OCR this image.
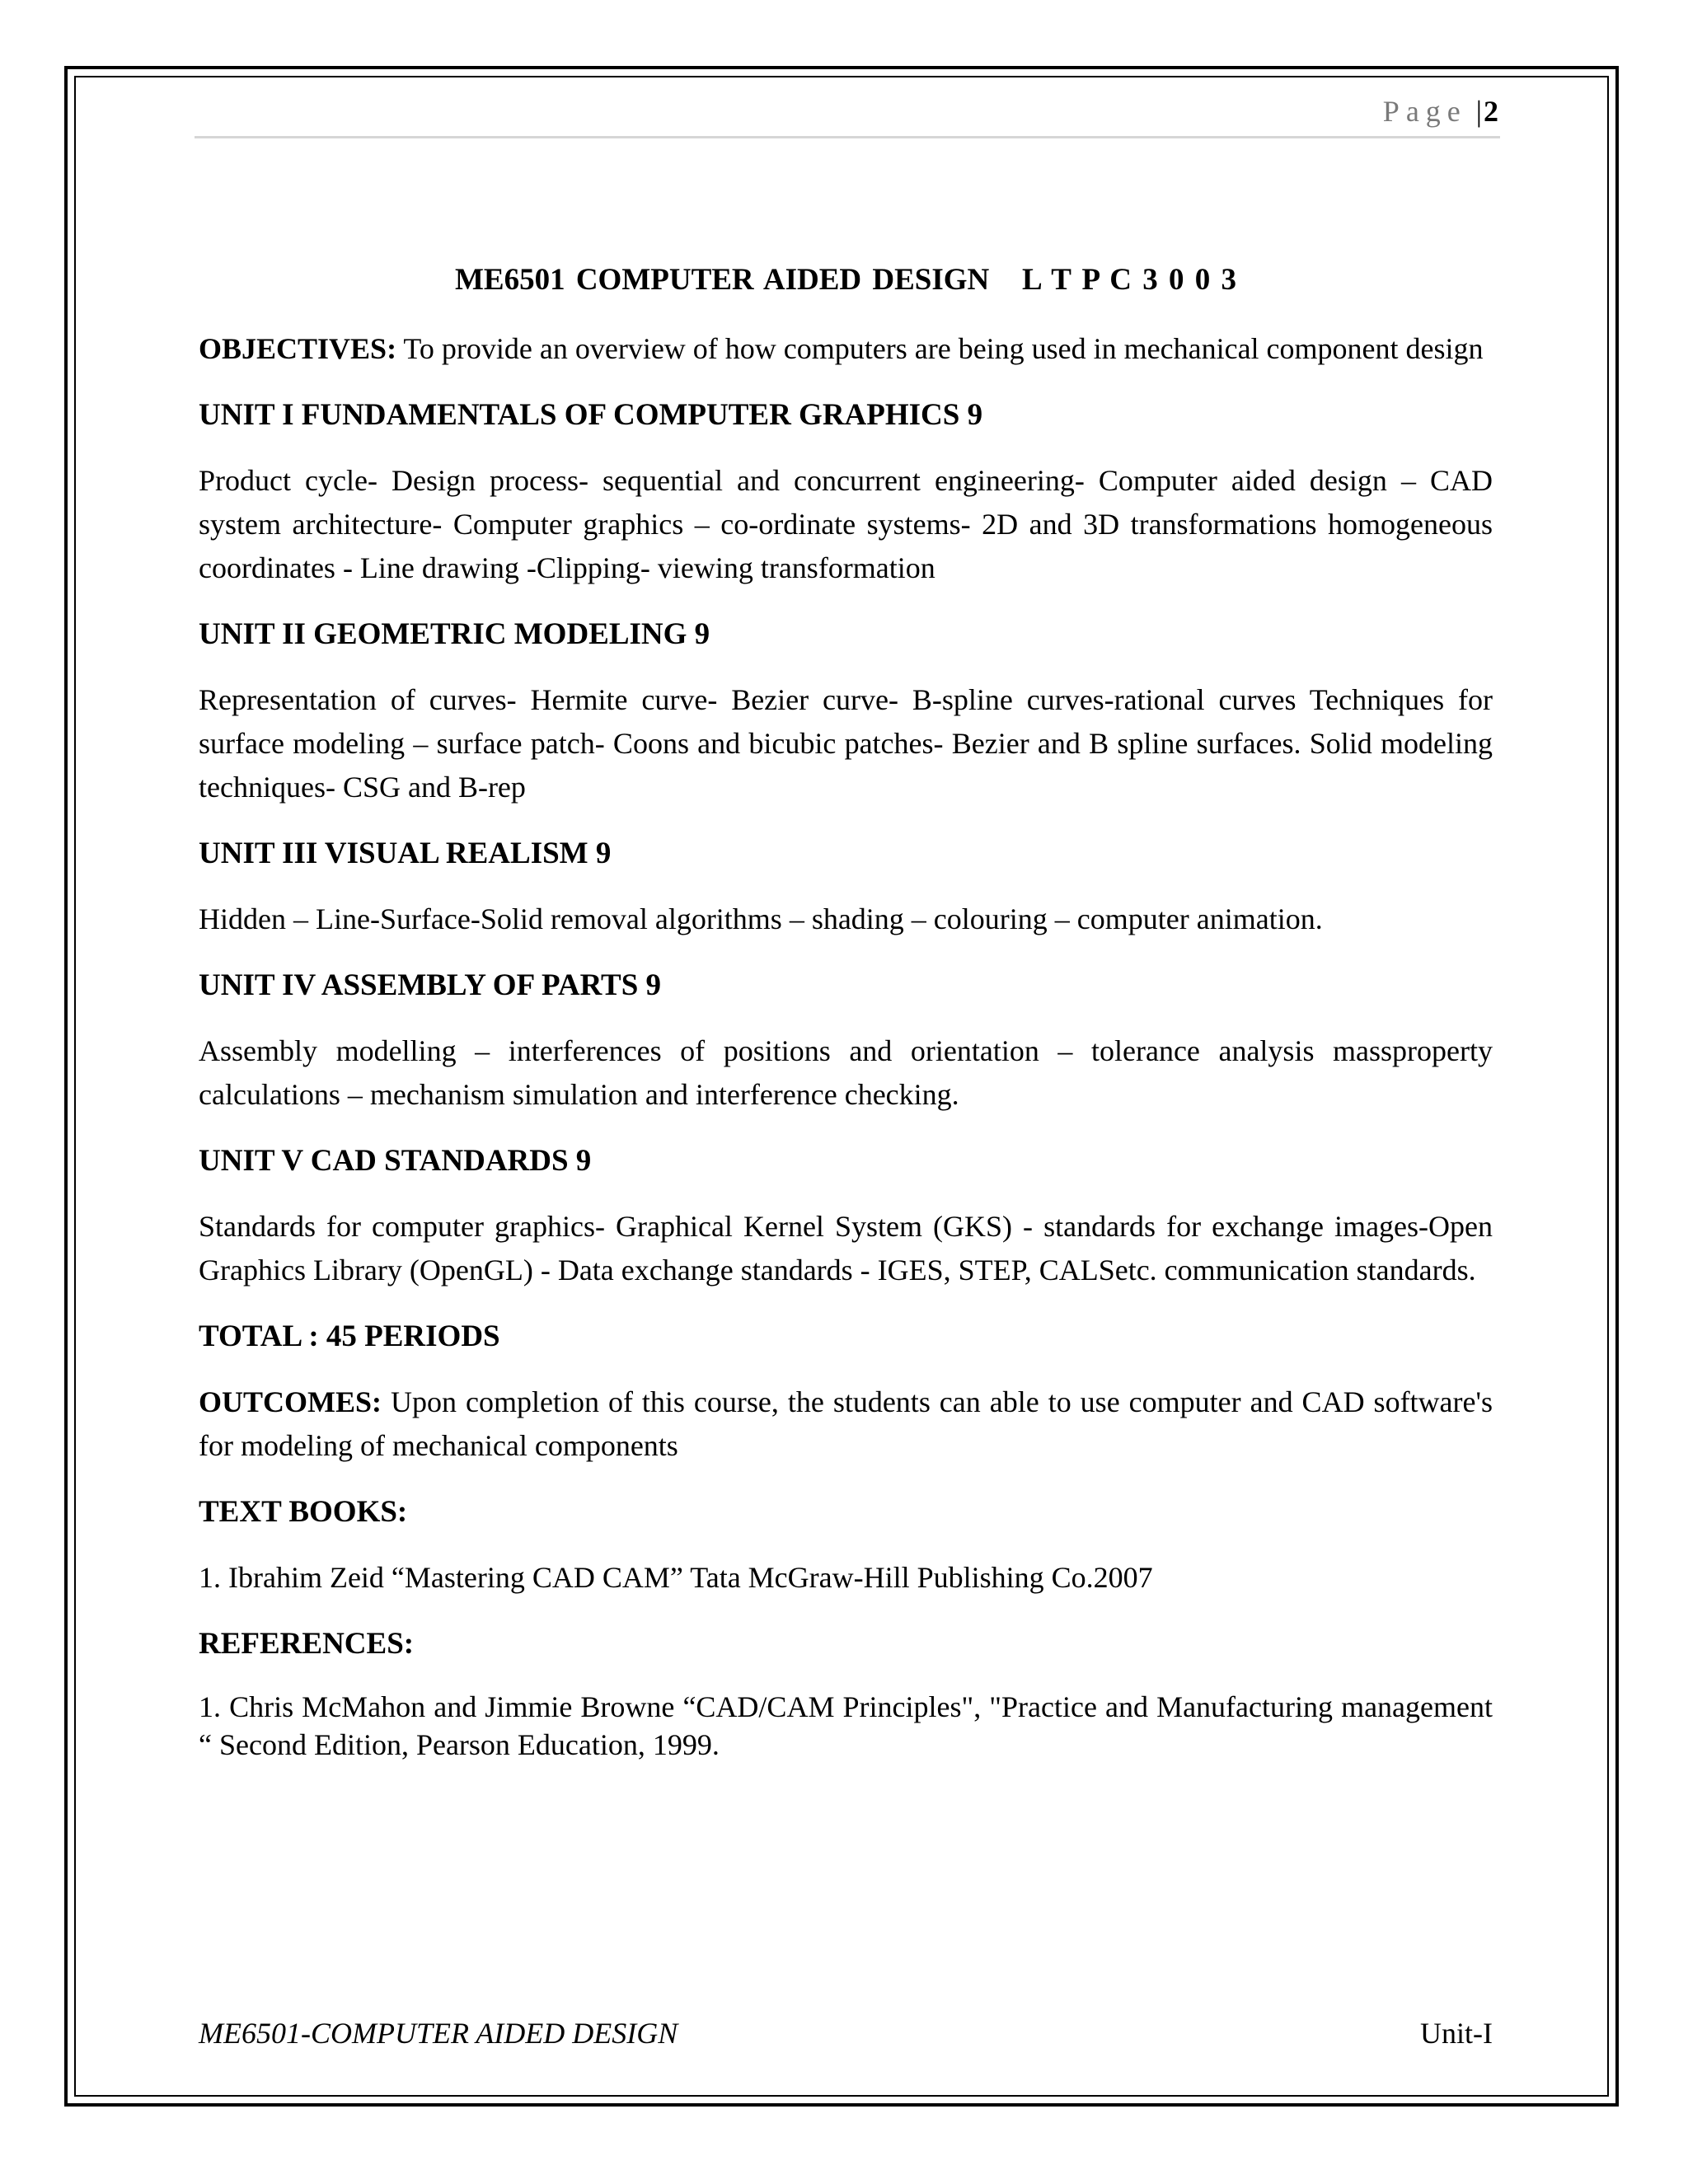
Page |2
ME6501 COMPUTER AIDED DESIGN   L T P C 3 0 0 3
OBJECTIVES: To provide an overview of how computers are being used in mechanical component design
UNIT I FUNDAMENTALS OF COMPUTER GRAPHICS 9
Product cycle- Design process- sequential and concurrent engineering- Computer aided design – CAD system architecture- Computer graphics – co-ordinate systems- 2D and 3D transformations homogeneous coordinates - Line drawing -Clipping- viewing transformation
UNIT II GEOMETRIC MODELING 9
Representation of curves- Hermite curve- Bezier curve- B-spline curves-rational curves Techniques for surface modeling – surface patch- Coons and bicubic patches- Bezier and B spline surfaces. Solid modeling techniques- CSG and B-rep
UNIT III VISUAL REALISM 9
Hidden – Line-Surface-Solid removal algorithms – shading – colouring – computer animation.
UNIT IV ASSEMBLY OF PARTS 9
Assembly modelling – interferences of positions and orientation – tolerance analysis massproperty calculations – mechanism simulation and interference checking.
UNIT V CAD STANDARDS 9
Standards for computer graphics- Graphical Kernel System (GKS) - standards for exchange images-Open Graphics Library (OpenGL) - Data exchange standards - IGES, STEP, CALSetc. communication standards.
TOTAL : 45 PERIODS
OUTCOMES: Upon completion of this course, the students can able to use computer and CAD software's for modeling of mechanical components
TEXT BOOKS:
1. Ibrahim Zeid “Mastering CAD CAM” Tata McGraw-Hill Publishing Co.2007
REFERENCES:
1. Chris McMahon and Jimmie Browne “CAD/CAM Principles", "Practice and Manufacturing management “ Second Edition, Pearson Education, 1999.
ME6501-COMPUTER AIDED DESIGN	Unit-I
